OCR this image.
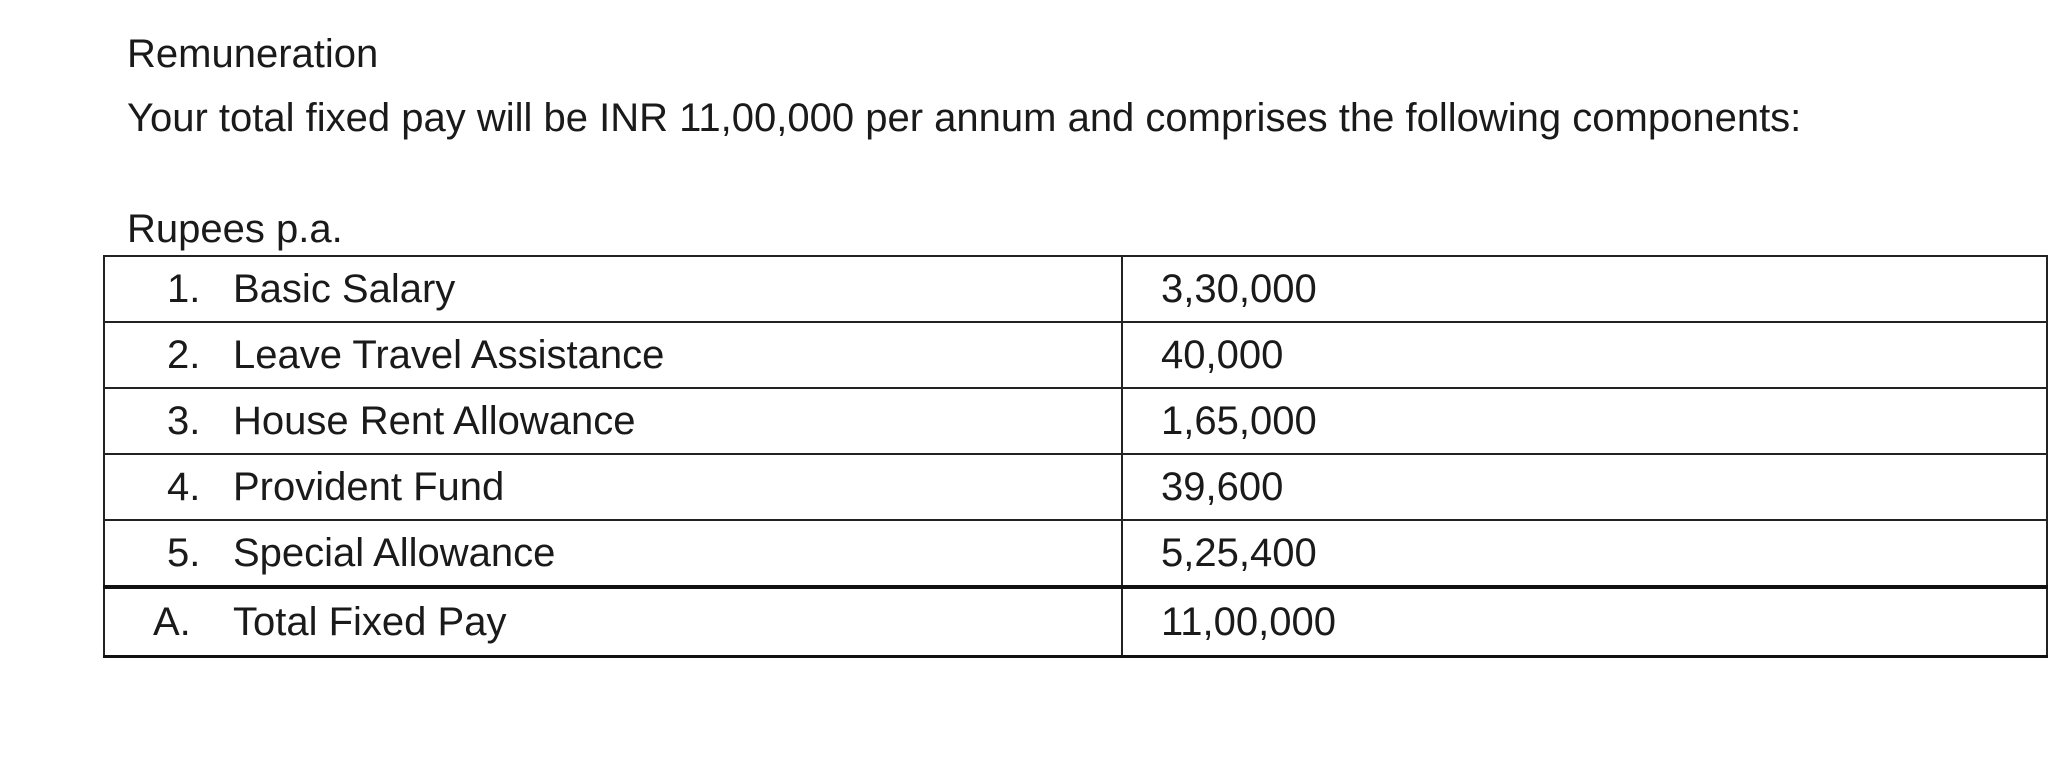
Remuneration
Your total fixed pay will be INR 11,00,000 per annum and comprises the following components:
Rupees p.a.
1. Basic Salary	3,30,000
2. Leave Travel Assistance	40,000
3. House Rent Allowance	1,65,000
4. Provident Fund	39,600
5. Special Allowance	5,25,400
A. Total Fixed Pay	11,00,000
